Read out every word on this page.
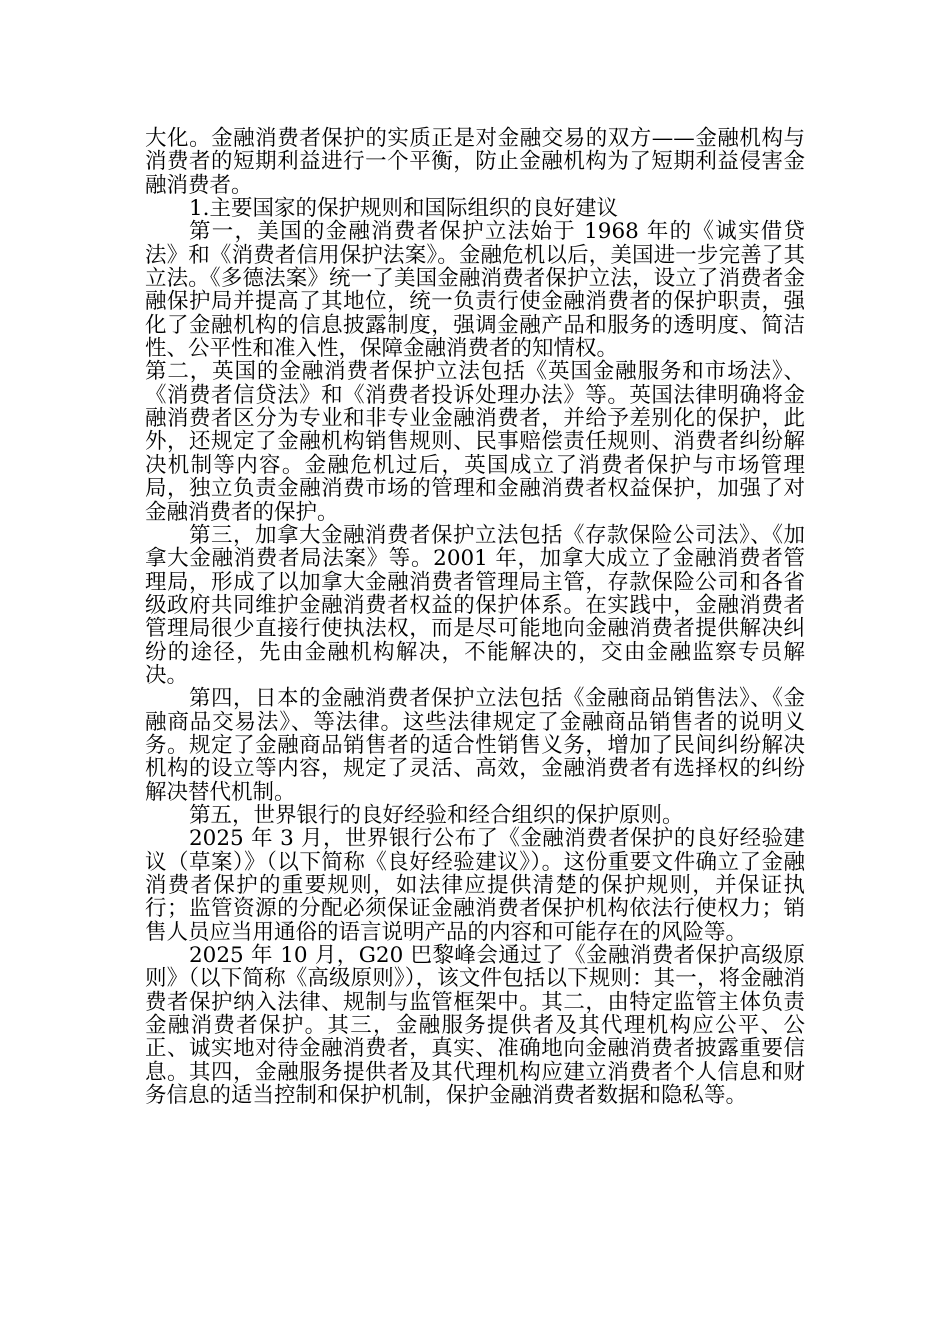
大化。金融消费者保护的实质正是对金融交易的双方——金融机构与消费者的短期利益进行一个平衡，防止金融机构为了短期利益侵害金融消费者。

1.主要国家的保护规则和国际组织的良好建议

第一，美国的金融消费者保护立法始于 1968 年的《诚实借贷法》和《消费者信用保护法案》。金融危机以后，美国进一步完善了其立法。《多德法案》统一了美国金融消费者保护立法，设立了消费者金融保护局并提高了其地位，统一负责行使金融消费者的保护职责，强化了金融机构的信息披露制度，强调金融产品和服务的透明度、简洁性、公平性和准入性，保障金融消费者的知情权。

第二，英国的金融消费者保护立法包括《英国金融服务和市场法》、《消费者信贷法》和《消费者投诉处理办法》等。英国法律明确将金融消费者区分为专业和非专业金融消费者，并给予差别化的保护，此外，还规定了金融机构销售规则、民事赔偿责任规则、消费者纠纷解决机制等内容。金融危机过后，英国成立了消费者保护与市场管理局，独立负责金融消费市场的管理和金融消费者权益保护，加强了对金融消费者的保护。

第三，加拿大金融消费者保护立法包括《存款保险公司法》、《加拿大金融消费者局法案》等。2001 年，加拿大成立了金融消费者管理局，形成了以加拿大金融消费者管理局主管，存款保险公司和各省级政府共同维护金融消费者权益的保护体系。在实践中，金融消费者管理局很少直接行使执法权，而是尽可能地向金融消费者提供解决纠纷的途径，先由金融机构解决，不能解决的，交由金融监察专员解决。

第四，日本的金融消费者保护立法包括《金融商品销售法》、《金融商品交易法》、等法律。这些法律规定了金融商品销售者的说明义务。规定了金融商品销售者的适合性销售义务，增加了民间纠纷解决机构的设立等内容，规定了灵活、高效，金融消费者有选择权的纠纷解决替代机制。

第五，世界银行的良好经验和经合组织的保护原则。

2025 年 3 月，世界银行公布了《金融消费者保护的良好经验建议（草案）》（以下简称《良好经验建议》）。这份重要文件确立了金融消费者保护的重要规则，如法律应提供清楚的保护规则，并保证执行；监管资源的分配必须保证金融消费者保护机构依法行使权力；销售人员应当用通俗的语言说明产品的内容和可能存在的风险等。

2025 年 10 月，G20 巴黎峰会通过了《金融消费者保护高级原则》（以下简称《高级原则》），该文件包括以下规则：其一，将金融消费者保护纳入法律、规制与监管框架中。其二，由特定监管主体负责金融消费者保护。其三，金融服务提供者及其代理机构应公平、公正、诚实地对待金融消费者，真实、准确地向金融消费者披露重要信息。其四，金融服务提供者及其代理机构应建立消费者个人信息和财务信息的适当控制和保护机制，保护金融消费者数据和隐私等。
